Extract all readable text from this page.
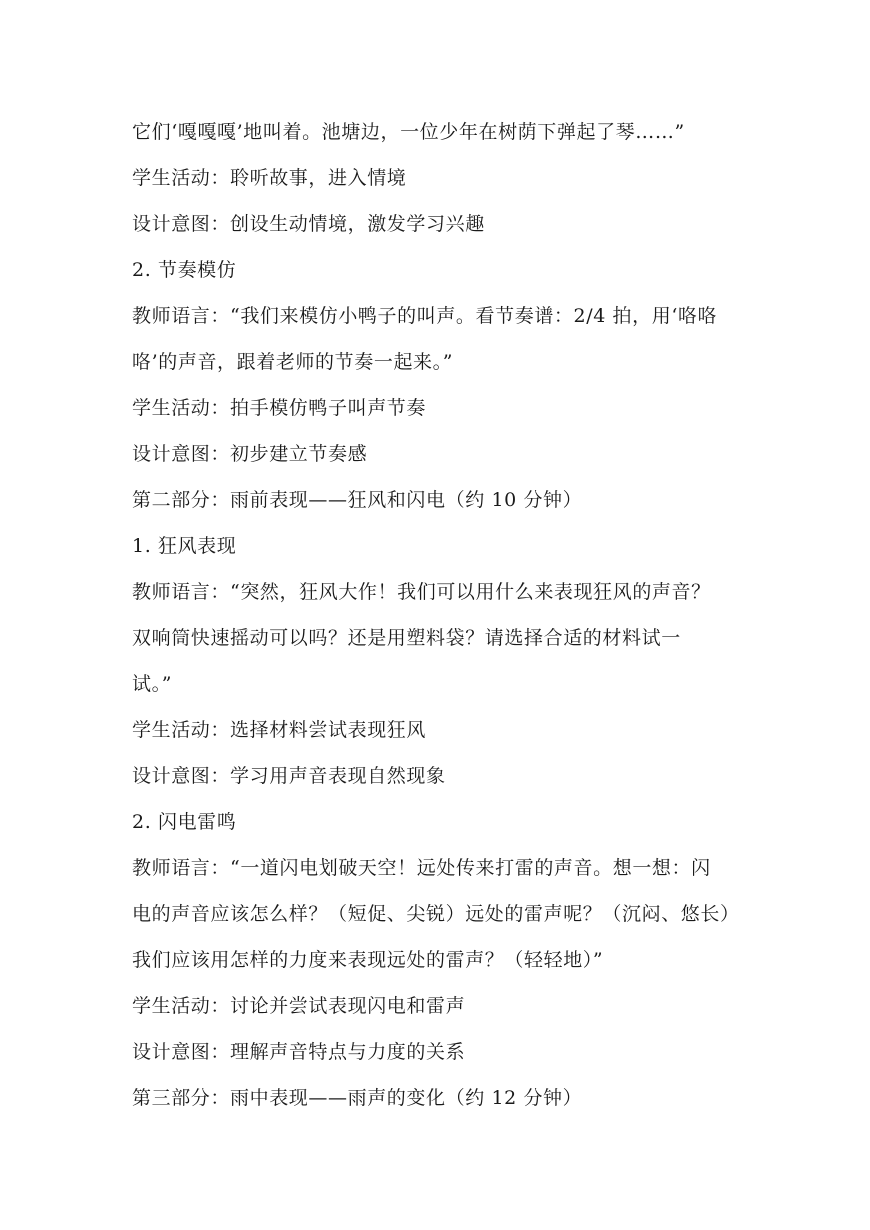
它们‘嘎嘎嘎’地叫着。池塘边，一位少年在树荫下弹起了琴……”
学生活动：聆听故事，进入情境
设计意图：创设生动情境，激发学习兴趣
2. 节奏模仿
教师语言：“我们来模仿小鸭子的叫声。看节奏谱：2/4 拍，用‘咯咯
咯’的声音，跟着老师的节奏一起来。”
学生活动：拍手模仿鸭子叫声节奏
设计意图：初步建立节奏感
第二部分：雨前表现——狂风和闪电（约 10 分钟）
1. 狂风表现
教师语言：“突然，狂风大作！我们可以用什么来表现狂风的声音？
双响筒快速摇动可以吗？还是用塑料袋？请选择合适的材料试一
试。”
学生活动：选择材料尝试表现狂风
设计意图：学习用声音表现自然现象
2. 闪电雷鸣
教师语言：“一道闪电划破天空！远处传来打雷的声音。想一想：闪
电的声音应该怎么样？（短促、尖锐）远处的雷声呢？（沉闷、悠长）
我们应该用怎样的力度来表现远处的雷声？（轻轻地）”
学生活动：讨论并尝试表现闪电和雷声
设计意图：理解声音特点与力度的关系
第三部分：雨中表现——雨声的变化（约 12 分钟）
